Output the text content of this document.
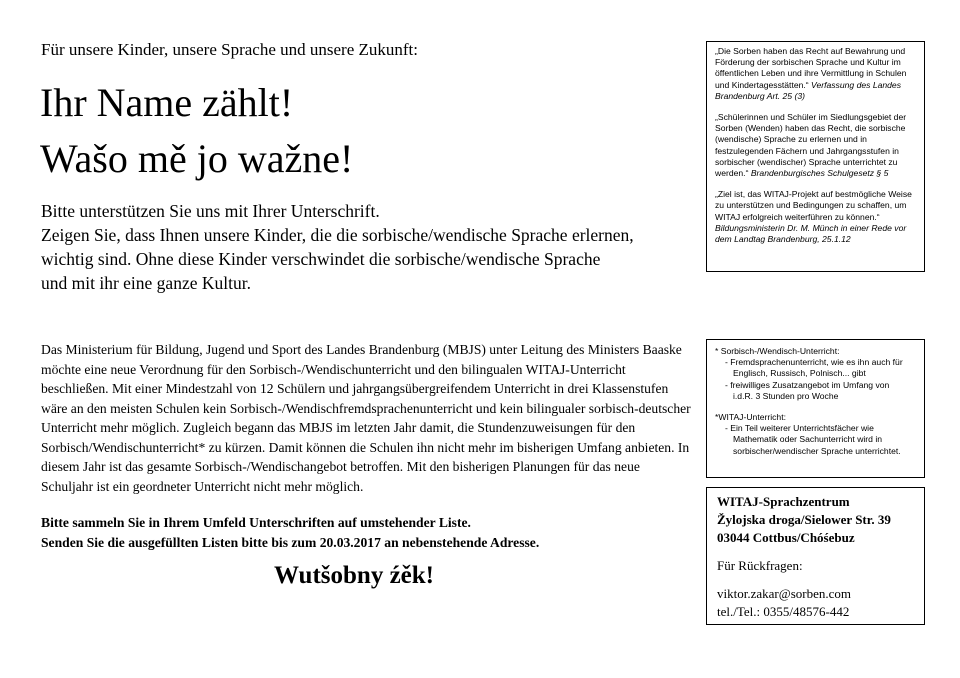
Für unsere Kinder, unsere Sprache und unsere Zukunft:
Ihr Name zählt!
Wašo mě jo wažne!
Bitte unterstützen Sie uns mit Ihrer Unterschrift.
Zeigen Sie, dass Ihnen unsere Kinder, die die sorbische/wendische Sprache erlernen,
wichtig sind. Ohne diese Kinder verschwindet die sorbische/wendische Sprache
und mit ihr eine ganze Kultur.
Das Ministerium für Bildung, Jugend und Sport des Landes Brandenburg (MBJS) unter Leitung des Ministers Baaske
möchte eine neue Verordnung für den Sorbisch-/Wendischunterricht und den bilingualen WITAJ-Unterricht
beschließen. Mit einer Mindestzahl von 12 Schülern und jahrgangsübergreifendem Unterricht in drei Klassenstufen
wäre an den meisten Schulen kein Sorbisch-/Wendischfremdsprachenunterricht und kein bilingualer sorbisch-deutscher
Unterricht mehr möglich. Zugleich begann das MBJS im letzten Jahr damit, die Stundenzuweisungen für den
Sorbisch/Wendischunterricht* zu kürzen. Damit können die Schulen ihn nicht mehr im bisherigen Umfang anbieten. In
diesem Jahr ist das gesamte Sorbisch-/Wendischangebot betroffen. Mit den bisherigen Planungen für das neue
Schuljahr ist ein geordneter Unterricht nicht mehr möglich.
Bitte sammeln Sie in Ihrem Umfeld Unterschriften auf umstehender Liste.
Senden Sie die ausgefüllten Listen bitte bis zum 20.03.2017 an nebenstehende Adresse.
Wutšobny źěk!

„Die Sorben haben das Recht auf Bewahrung und Förderung der sorbischen Sprache und Kultur im öffentlichen Leben und ihre Vermittlung in Schulen und Kindertagesstätten.“ Verfassung des Landes Brandenburg Art. 25 (3)

„Schülerinnen und Schüler im Siedlungsgebiet der Sorben (Wenden) haben das Recht, die sorbische (wendische) Sprache zu erlernen und in festzulegenden Fächern und Jahrgangsstufen in sorbischer (wendischer) Sprache unterrichtet zu werden.“ Brandenburgisches Schulgesetz § 5

„Ziel ist, das WITAJ-Projekt auf bestmögliche Weise zu unterstützen und Bedingungen zu schaffen, um WITAJ erfolgreich weiterführen zu können.“ Bildungsministerin Dr. M. Münch in einer Rede vor dem Landtag Brandenburg, 25.1.12

* Sorbisch-/Wendisch-Unterricht:
- Fremdsprachenunterricht, wie es ihn auch für
Englisch, Russisch, Polnisch... gibt
- freiwilliges Zusatzangebot im Umfang von
i.d.R. 3 Stunden pro Woche
*WITAJ-Unterricht:
- Ein Teil weiterer Unterrichtsfächer wie
Mathematik oder Sachunterricht wird in
sorbischer/wendischer Sprache unterrichtet.
WITAJ-Sprachzentrum
Žylojska droga/Sielower Str. 39
03044 Cottbus/Chóśebuz
Für Rückfragen:
viktor.zakar@sorben.com
tel./Tel.: 0355/48576-442
